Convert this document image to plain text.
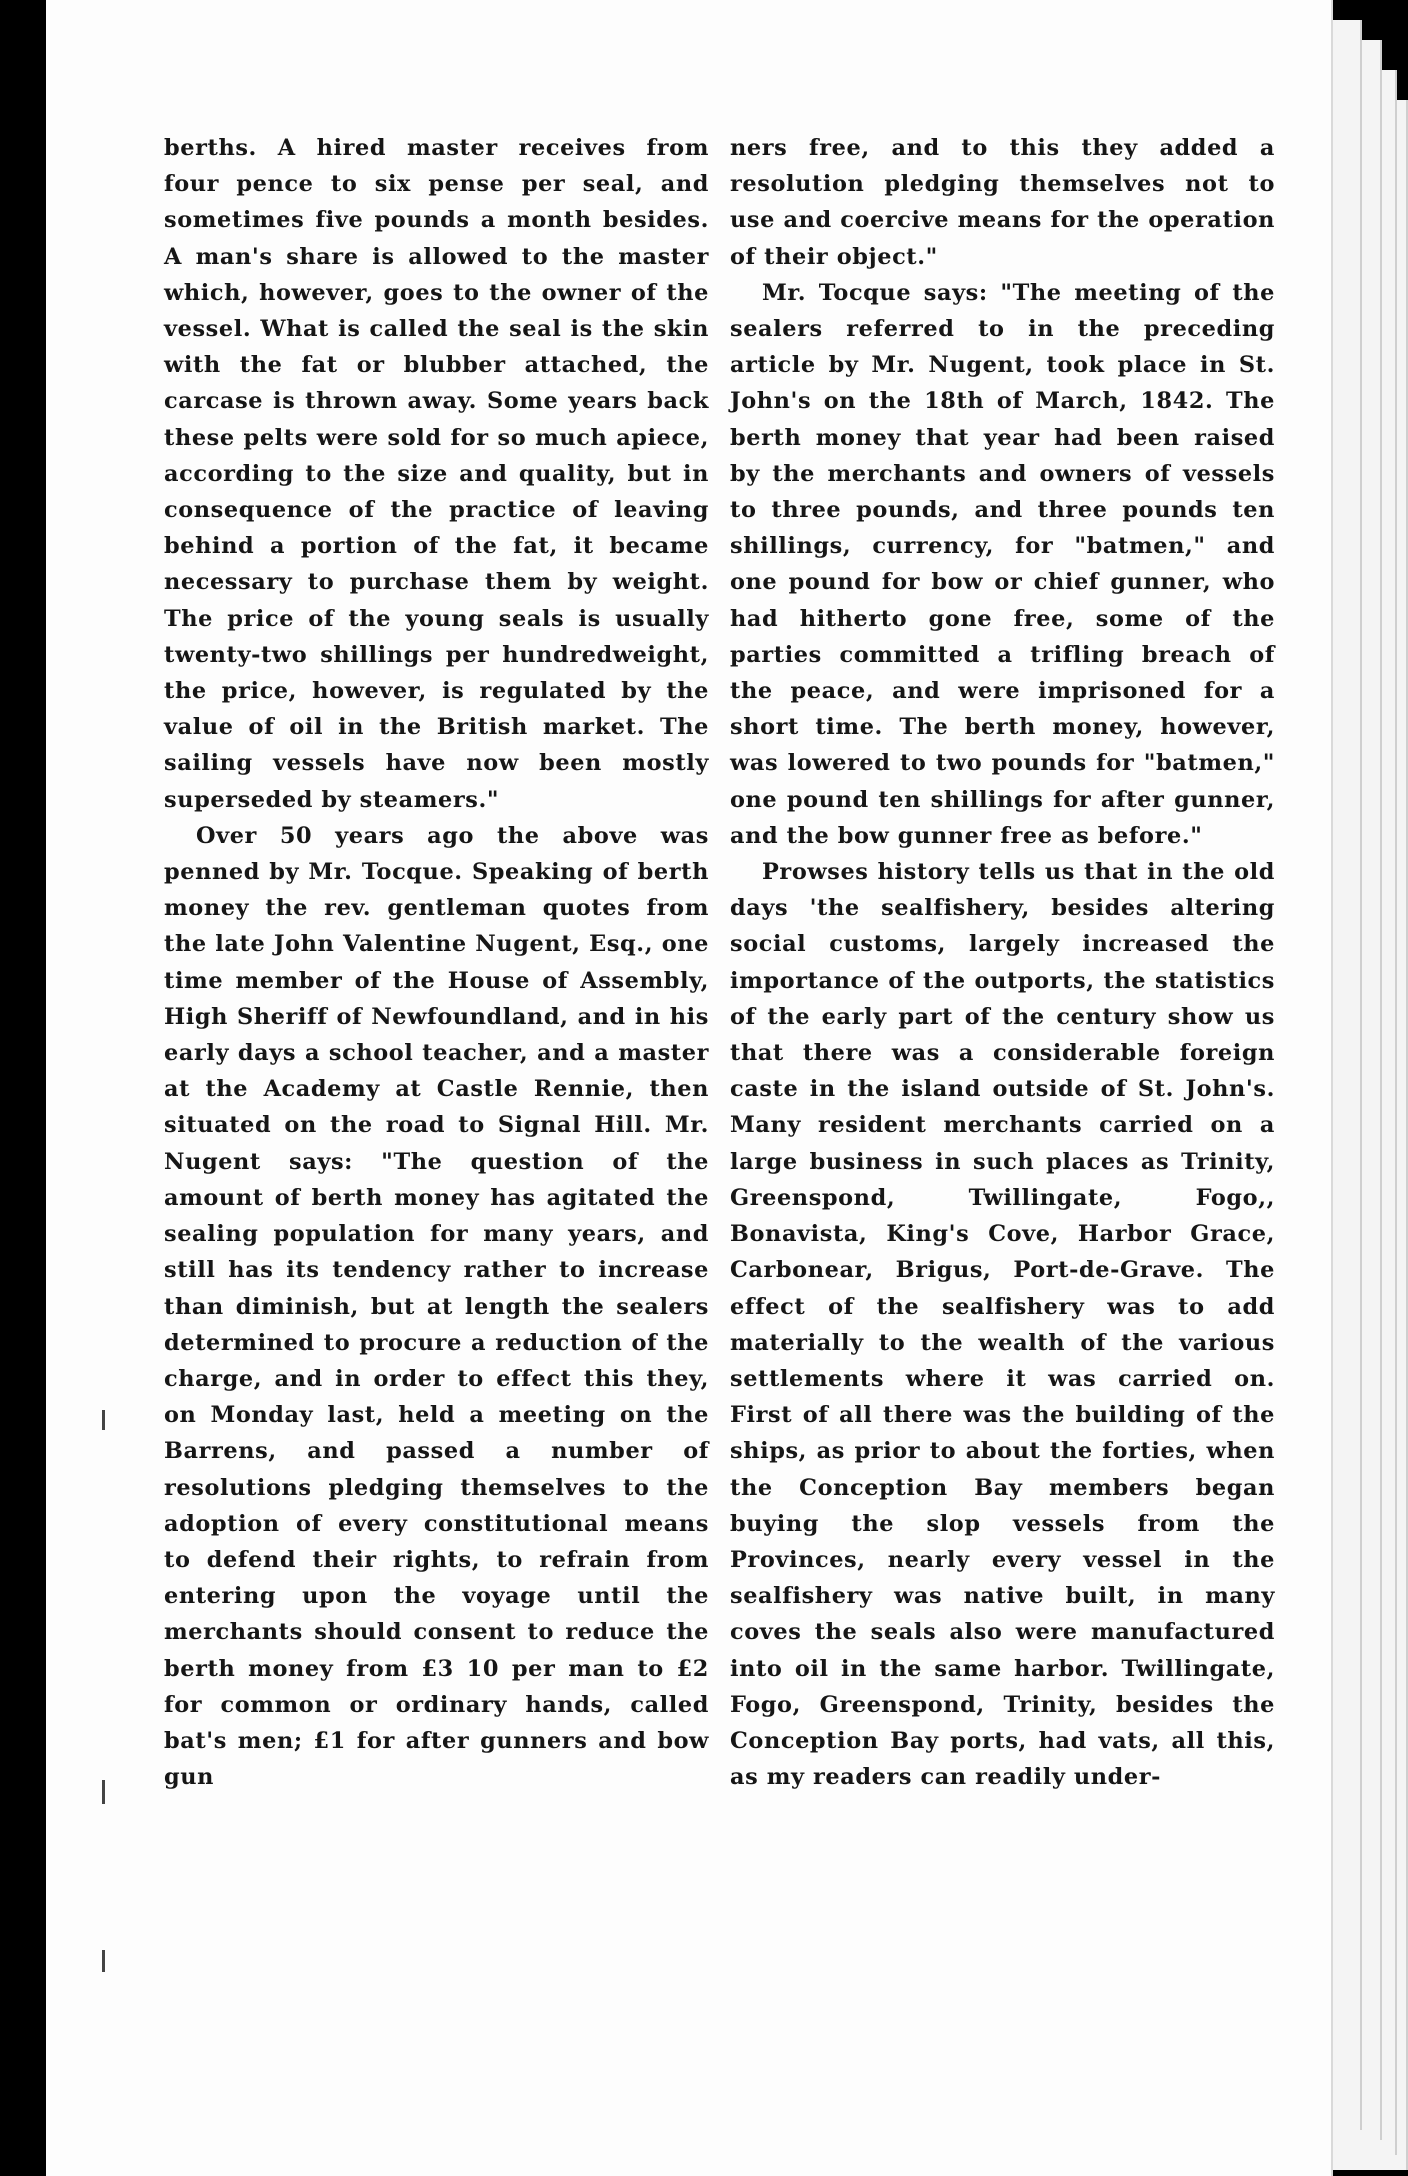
berths. A hired master receives from four pence to six pense per seal, and sometimes five pounds a month besides. A man's share is allowed to the master which, however, goes to the owner of the vessel. What is called the seal is the skin with the fat or blubber attached, the carcase is thrown away. Some years back these pelts were sold for so much apiece, according to the size and quality, but in consequence of the practice of leaving behind a portion of the fat, it became necessary to purchase them by weight. The price of the young seals is usually twenty-two shillings per hundredweight, the price, however, is regulated by the value of oil in the British market. The sailing vessels have now been mostly superseded by steamers."

Over 50 years ago the above was penned by Mr. Tocque. Speaking of berth money the rev. gentleman quotes from the late John Valentine Nugent, Esq., one time member of the House of Assembly, High Sheriff of Newfoundland, and in his early days a school teacher, and a master at the Academy at Castle Rennie, then situated on the road to Signal Hill. Mr. Nugent says: "The question of the amount of berth money has agitated the sealing population for many years, and still has its tendency rather to increase than diminish, but at length the sealers determined to procure a reduction of the charge, and in order to effect this they, on Monday last, held a meeting on the Barrens, and passed a number of resolutions pledging themselves to the adoption of every constitutional means to defend their rights, to refrain from entering upon the voyage until the merchants should consent to reduce the berth money from £3 10 per man to £2 for common or ordinary hands, called bat's men; £1 for after gunners and bow gun

ners free, and to this they added a resolution pledging themselves not to use and coercive means for the operation of their object."

Mr. Tocque says: "The meeting of the sealers referred to in the preceding article by Mr. Nugent, took place in St. John's on the 18th of March, 1842. The berth money that year had been raised by the merchants and owners of vessels to three pounds, and three pounds ten shillings, currency, for "batmen," and one pound for bow or chief gunner, who had hitherto gone free, some of the parties committed a trifling breach of the peace, and were imprisoned for a short time. The berth money, however, was lowered to two pounds for "batmen," one pound ten shillings for after gunner, and the bow gunner free as before."

Prowses history tells us that in the old days 'the sealfishery, besides altering social customs, largely increased the importance of the outports, the statistics of the early part of the century show us that there was a considerable foreign caste in the island outside of St. John's. Many resident merchants carried on a large business in such places as Trinity, Greenspond, Twillingate, Fogo,, Bonavista, King's Cove, Harbor Grace, Carbonear, Brigus, Port-de-Grave. The effect of the sealfishery was to add materially to the wealth of the various settlements where it was carried on. First of all there was the building of the ships, as prior to about the forties, when the Conception Bay members began buying the slop vessels from the Provinces, nearly every vessel in the sealfishery was native built, in many coves the seals also were manufactured into oil in the same harbor. Twillingate, Fogo, Greenspond, Trinity, besides the Conception Bay ports, had vats, all this, as my readers can readily under-
